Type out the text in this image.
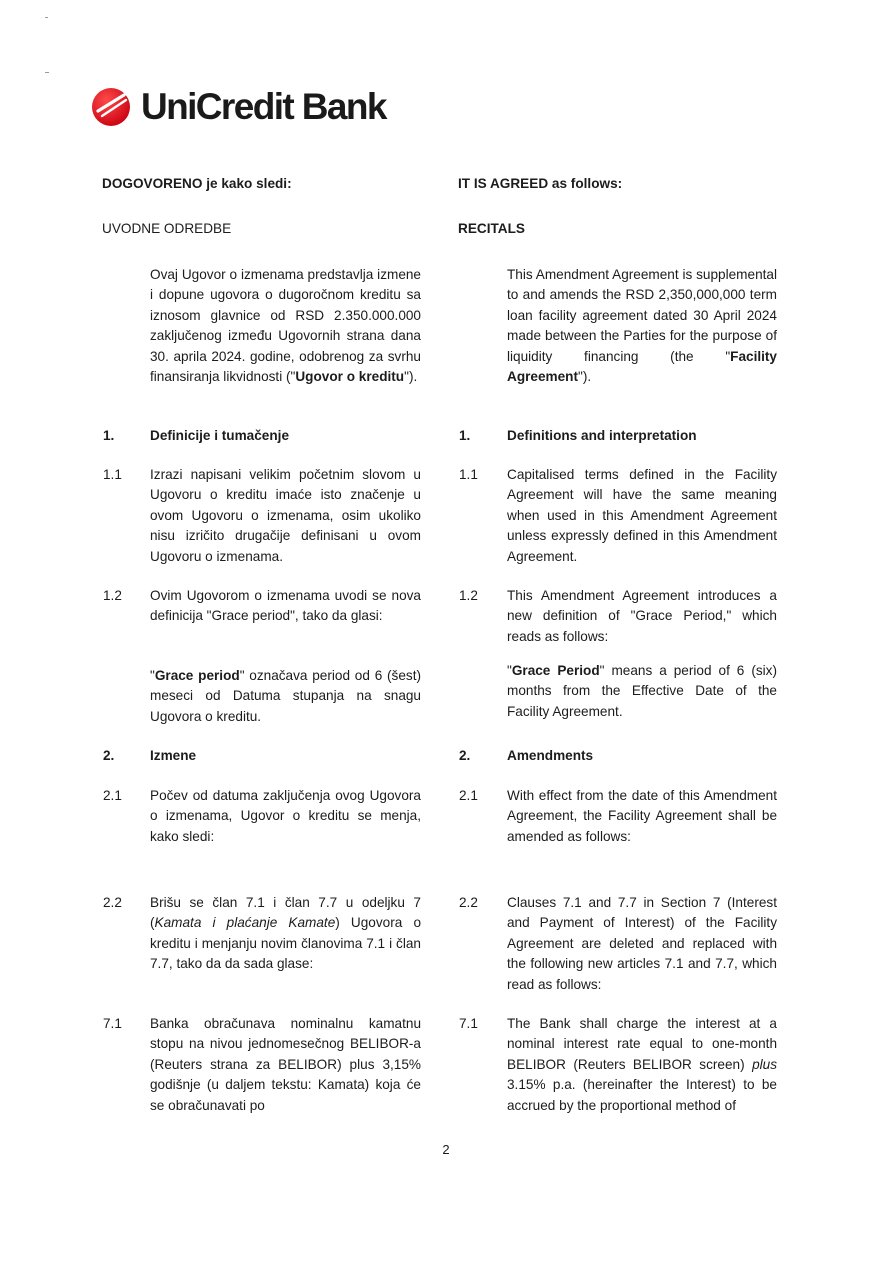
UniCredit Bank
DOGOVORENO je kako sledi:	IT IS AGREED as follows:
UVODNE ODREDBE	RECITALS
Ovaj Ugovor o izmenama predstavlja izmene i dopune ugovora o dugoročnom kreditu sa iznosom glavnice od RSD 2.350.000.000 zaključenog između Ugovornih strana dana 30. aprila 2024. godine, odobrenog za svrhu finansiranja likvidnosti ("Ugovor o kreditu").
This Amendment Agreement is supplemental to and amends the RSD 2,350,000,000 term loan facility agreement dated 30 April 2024 made between the Parties for the purpose of liquidity financing (the "Facility Agreement").
1.	Definicije i tumačenje	1.	Definitions and interpretation
1.1 Izrazi napisani velikim početnim slovom u Ugovoru o kreditu imaće isto značenje u ovom Ugovoru o izmenama, osim ukoliko nisu izričito drugačije definisani u ovom Ugovoru o izmenama.
1.1 Capitalised terms defined in the Facility Agreement will have the same meaning when used in this Amendment Agreement unless expressly defined in this Amendment Agreement.
1.2 Ovim Ugovorom o izmenama uvodi se nova definicija "Grace period", tako da glasi:
1.2 This Amendment Agreement introduces a new definition of "Grace Period," which reads as follows:
"Grace period" označava period od 6 (šest) meseci od Datuma stupanja na snagu Ugovora o kreditu.
"Grace Period" means a period of 6 (six) months from the Effective Date of the Facility Agreement.
2.	Izmene	2.	Amendments
2.1 Počev od datuma zaključenja ovog Ugovora o izmenama, Ugovor o kreditu se menja, kako sledi:
2.1 With effect from the date of this Amendment Agreement, the Facility Agreement shall be amended as follows:
2.2 Brišu se član 7.1 i član 7.7 u odeljku 7 (Kamata i plaćanje Kamate) Ugovora o kreditu i menjanju novim članovima 7.1 i član 7.7, tako da da sada glase:
2.2 Clauses 7.1 and 7.7 in Section 7 (Interest and Payment of Interest) of the Facility Agreement are deleted and replaced with the following new articles 7.1 and 7.7, which read as follows:
7.1 Banka obračunava nominalnu kamatnu stopu na nivou jednomesečnog BELIBOR-a (Reuters strana za BELIBOR) plus 3,15% godišnje (u daljem tekstu: Kamata) koja će se obračunavati po
7.1 The Bank shall charge the interest at a nominal interest rate equal to one-month BELIBOR (Reuters BELIBOR screen) plus 3.15% p.a. (hereinafter the Interest) to be accrued by the proportional method of
2
